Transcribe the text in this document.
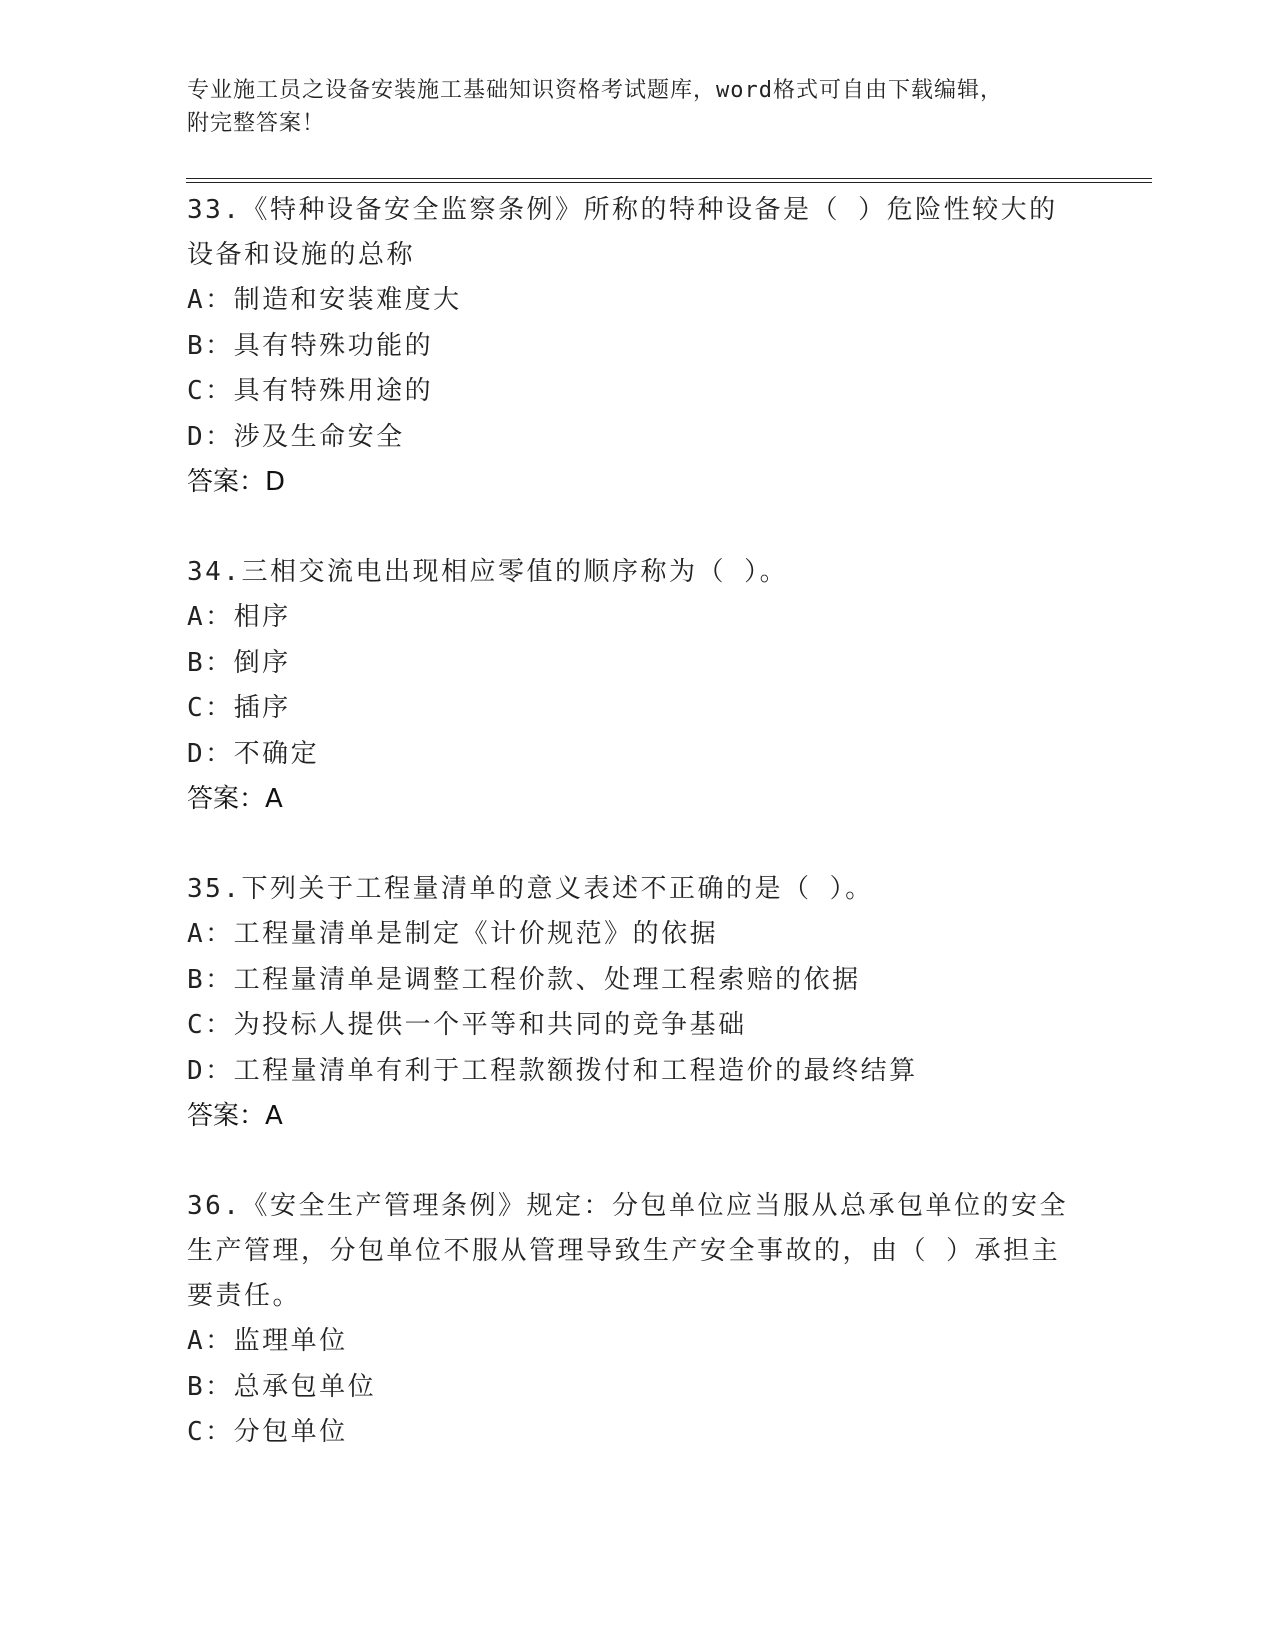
专业施工员之设备安装施工基础知识资格考试题库，word格式可自由下载编辑，
附完整答案！

33.《特种设备安全监察条例》所称的特种设备是（ ）危险性较大的

设备和设施的总称

A：制造和安装难度大

B：具有特殊功能的

C：具有特殊用途的

D：涉及生命安全

答案：D

34.三相交流电出现相应零值的顺序称为（ ）。

A：相序

B：倒序

C：插序

D：不确定

答案：A

35.下列关于工程量清单的意义表述不正确的是（ ）。

A：工程量清单是制定《计价规范》的依据

B：工程量清单是调整工程价款、处理工程索赔的依据

C：为投标人提供一个平等和共同的竞争基础

D：工程量清单有利于工程款额拨付和工程造价的最终结算

答案：A

36.《安全生产管理条例》规定：分包单位应当服从总承包单位的安全

生产管理，分包单位不服从管理导致生产安全事故的，由（ ）承担主

要责任。

A：监理单位

B：总承包单位

C：分包单位
